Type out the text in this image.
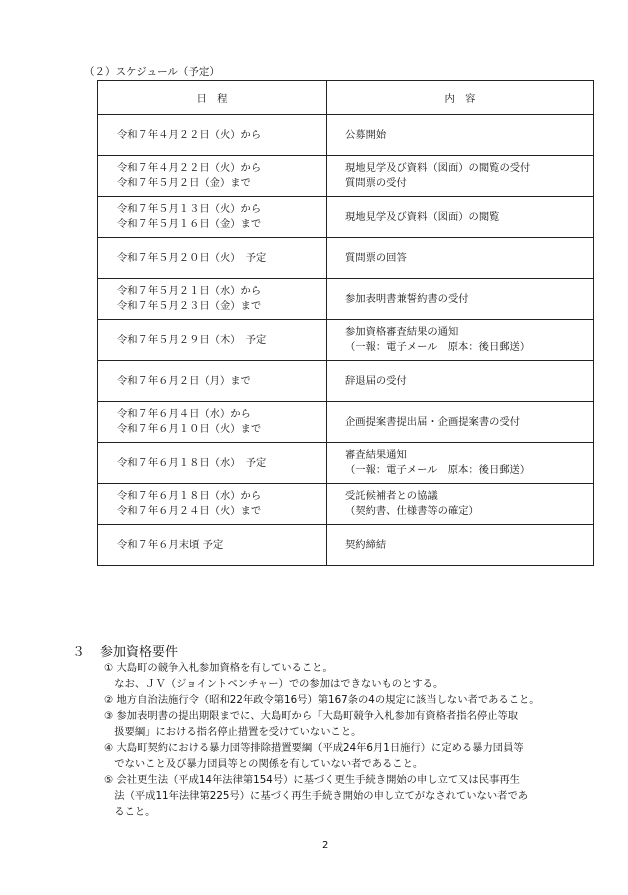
（２）スケジュール（予定）
日　程	内　容

令和７年４月２２日（火）から	公募開始

令和７年４月２２日（火）から
令和７年５月２日（金）まで	現地見学及び資料（図面）の閲覧の受付
質問票の受付

令和７年５月１３日（火）から
令和７年５月１６日（金）まで	現地見学及び資料（図面）の閲覧

令和７年５月２０日（火）　予定	質問票の回答

令和７年５月２１日（水）から
令和７年５月２３日（金）まで	参加表明書兼誓約書の受付

令和７年５月２９日（木）　予定	参加資格審査結果の通知
（一報：電子メール　原本：後日郵送）

令和７年６月２日（月）まで	辞退届の受付

令和７年６月４日（水）から
令和７年６月１０日（火）まで	企画提案書提出届・企画提案書の受付

令和７年６月１８日（水）　予定	審査結果通知
（一報：電子メール　原本：後日郵送）

令和７年６月１８日（水）から
令和７年６月２４日（火）まで	受託候補者との協議
（契約書、仕様書等の確定）

令和７年６月末頃 予定	契約締結
３ 参加資格要件
① 大島町の競争入札参加資格を有していること。
　なお、ＪＶ（ジョイントベンチャー）での参加はできないものとする。
② 地方自治法施行令（昭和22年政令第16号）第167条の4の規定に該当しない者であること。
③ 参加表明書の提出期限までに、大島町から「大島町競争入札参加有資格者指名停止等取
　扱要綱」における指名停止措置を受けていないこと。
④ 大島町契約における暴力団等排除措置要綱（平成24年6月1日施行）に定める暴力団員等
　でないこと及び暴力団員等との関係を有していない者であること。
⑤ 会社更生法（平成14年法律第154号）に基づく更生手続き開始の申し立て又は民事再生
　法（平成11年法律第225号）に基づく再生手続き開始の申し立てがなされていない者であ
　ること。
2
